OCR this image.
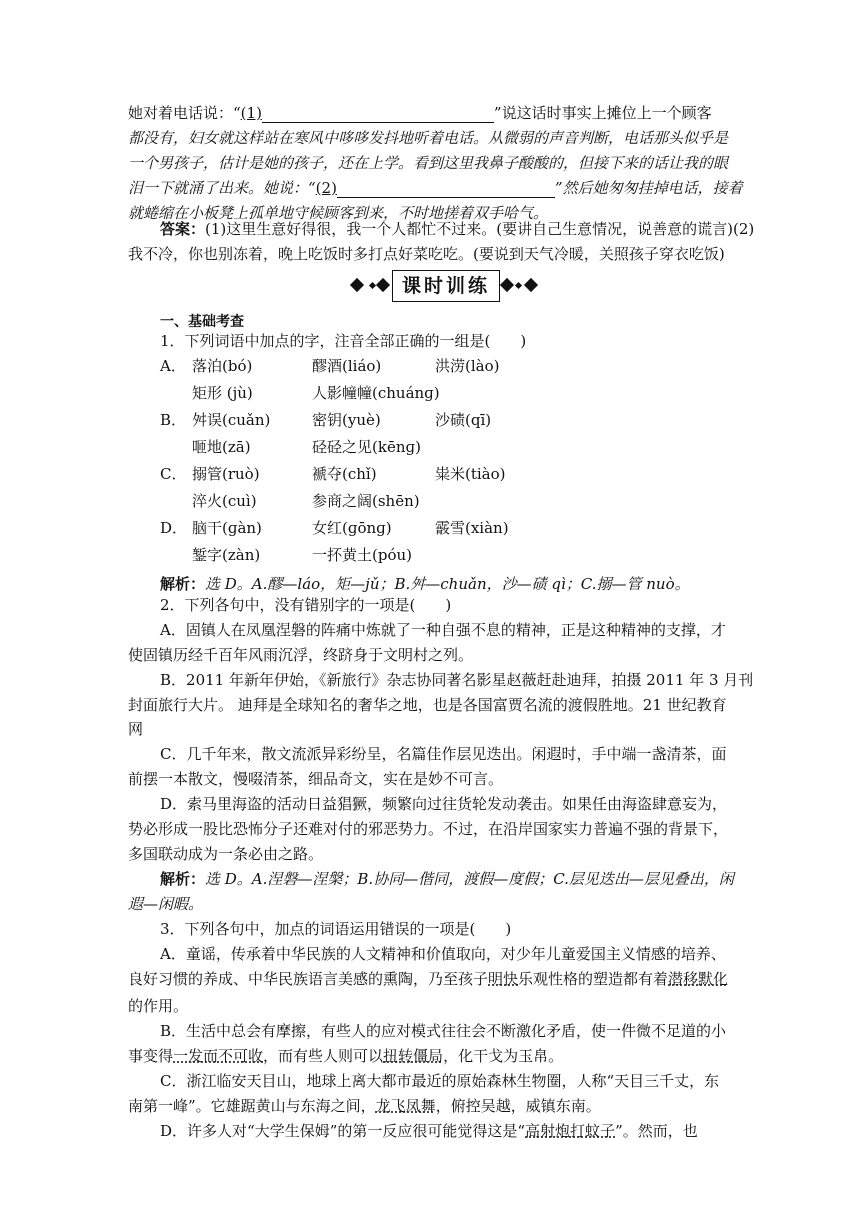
她对着电话说：“(1)	”说这话时事实上摊位上一个顾客
都没有，妇女就这样站在寒风中哆哆发抖地听着电话。从微弱的声音判断，电话那头似乎是
一个男孩子，估计是她的孩子，还在上学。看到这里我鼻子酸酸的，但接下来的话让我的眼
泪一下就涌了出来。她说：“(2)	”然后她匆匆挂掉电话，接着
就蜷缩在小板凳上孤单地守候顾客到来，不时地搓着双手哈气。
答案：(1)这里生意好得很，我一个人都忙不过来。(要讲自己生意情况，说善意的谎言)(2)
我不冷，你也别冻着，晚上吃饭时多打点好菜吃吃。(要说到天气冷暖，关照孩子穿衣吃饭)
课时训练
一、基础考查
1．下列词语中加点的字，注音全部正确的一组是(　　)
A． 落泊(bó)	醪酒(liáo)	洪涝(lào)
矩形 (jù)	人影幢幢(chuánɡ)
B． 舛误(cuǎn)	密钥(yuè)	沙碛(qī)
咂地(zā)	硁硁之见(kēnɡ)
C． 搦管(ruò)	褫夺(chǐ)	粜米(tiào)
淬火(cuì)	参商之阔(shēn)
D． 脑干(ɡàn)	女红(ɡōnɡ)	霰雪(xiàn)
錾字(zàn)	一抔黄土(póu)
解析：选 D。A.醪—láo，矩—jǔ；B.舛—chuǎn，沙—碛 qì；C.搦—管 nuò。
2．下列各句中，没有错别字的一项是(　　)
A．固镇人在凤凰涅磐的阵痛中炼就了一种自强不息的精神，正是这种精神的支撑，才
使固镇历经千百年风雨沉浮，终跻身于文明村之列。
B．2011 年新年伊始，《新旅行》杂志协同著名影星赵薇赶赴迪拜，拍摄 2011 年 3 月刊
封面旅行大片。 迪拜是全球知名的奢华之地，也是各国富贾名流的渡假胜地。21 世纪教育
网
C．几千年来，散文流派异彩纷呈，名篇佳作层见迭出。闲遐时，手中端一盏清茶，面
前摆一本散文，慢啜清茶，细品奇文，实在是妙不可言。
D．索马里海盗的活动日益猖獗，频繁向过往货轮发动袭击。如果任由海盗肆意妄为，
势必形成一股比恐怖分子还难对付的邪恶势力。不过，在沿岸国家实力普遍不强的背景下，
多国联动成为一条必由之路。
解析：选 D。A.涅磐—涅槃；B.协同—偕同，渡假—度假；C.层见迭出—层见叠出，闲
遐—闲暇。
3．下列各句中，加点的词语运用错误的一项是(　　)
A．童谣，传承着中华民族的人文精神和价值取向，对少年儿童爱国主义情感的培养、
良好习惯的养成、中华民族语言美感的熏陶，乃至孩子明快乐观性格的塑造都有着潜移默化
的作用。
B．生活中总会有摩擦，有些人的应对模式往往会不断激化矛盾，使一件微不足道的小
事变得一发而不可收，而有些人则可以扭转僵局，化干戈为玉帛。
C．浙江临安天目山，地球上离大都市最近的原始森林生物圈，人称“天目三千丈，东
南第一峰”。它雄踞黄山与东海之间，龙飞凤舞，俯控吴越，威镇东南。
D．许多人对“大学生保姆”的第一反应很可能觉得这是“高射炮打蚊子”。然而，也
